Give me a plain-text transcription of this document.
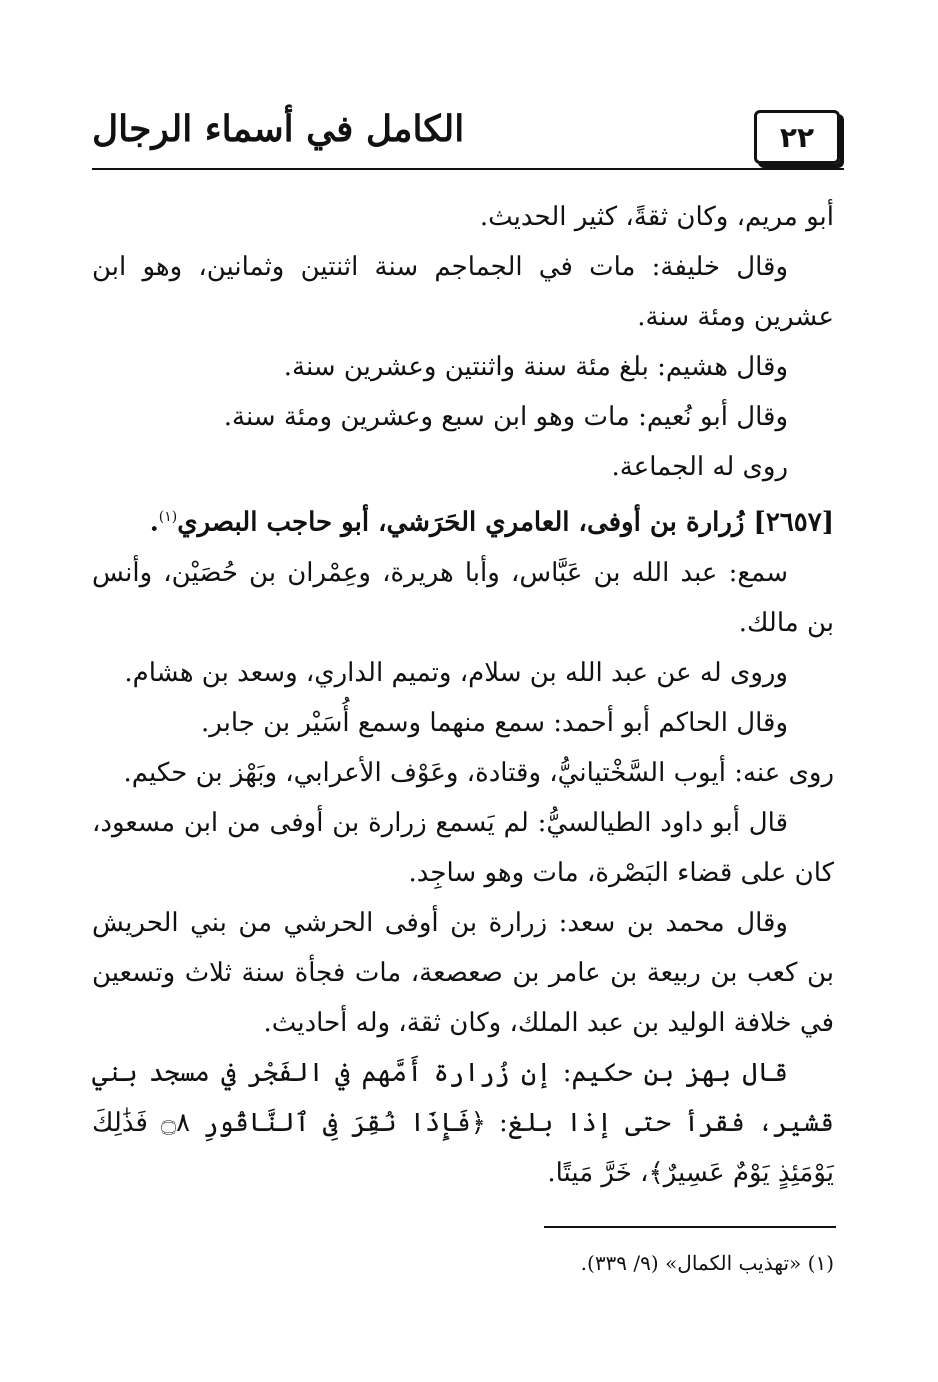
٢٢
الكامل في أسماء الرجال

أبو مريم، وكان ثقةً، كثير الحديث.

وقال خليفة: مات في الجماجم سنة اثنتين وثمانين، وهو ابن عشرين ومئة سنة.

وقال هشيم: بلغ مئة سنة واثنتين وعشرين سنة.

وقال أبو نُعيم: مات وهو ابن سبع وعشرين ومئة سنة.

روى له الجماعة.

[٢٦٥٧] زُرارة بن أوفى، العامري الحَرَشي، أبو حاجب البصري$^{(١)}$.

سمع: عبد الله بن عَبَّاس، وأبا هريرة، وعِمْران بن حُصَيْن، وأنس بن مالك.

وروى له عن عبد الله بن سلام، وتميم الداري، وسعد بن هشام.

وقال الحاكم أبو أحمد: سمع منهما وسمع أُسَيْر بن جابر.

روى عنه: أيوب السَّخْتيانيُّ، وقتادة، وعَوْف الأعرابي، وبَهْز بن حكيم.

قال أبو داود الطيالسيُّ: لم يَسمع زرارة بن أوفى من ابن مسعود، كان على قضاء البَصْرة، مات وهو ساجِد.

وقال محمد بن سعد: زرارة بن أوفى الحرشي من بني الحريش بن كعب بن ربيعة بن عامر بن صعصعة، مات فجأة سنة ثلاث وتسعين في خلافة الوليد بن عبد الملك، وكان ثقة، وله أحاديث.

قال بهز بن حكيم: إن زُرارة أَمَّهم في الفَجْر في مسجد بني قشير، فقرأ حتى إذا بلغ: ﴿فَإِذَا نُقِرَ فِى ٱلنَّاقُورِ ۝٨ فَذَٰلِكَ يَوْمَئِذٍ يَوْمٌ عَسِيرٌ﴾، خَرَّ مَيتًا.

(١) «تهذيب الكمال» (٩/ ٣٣٩).
